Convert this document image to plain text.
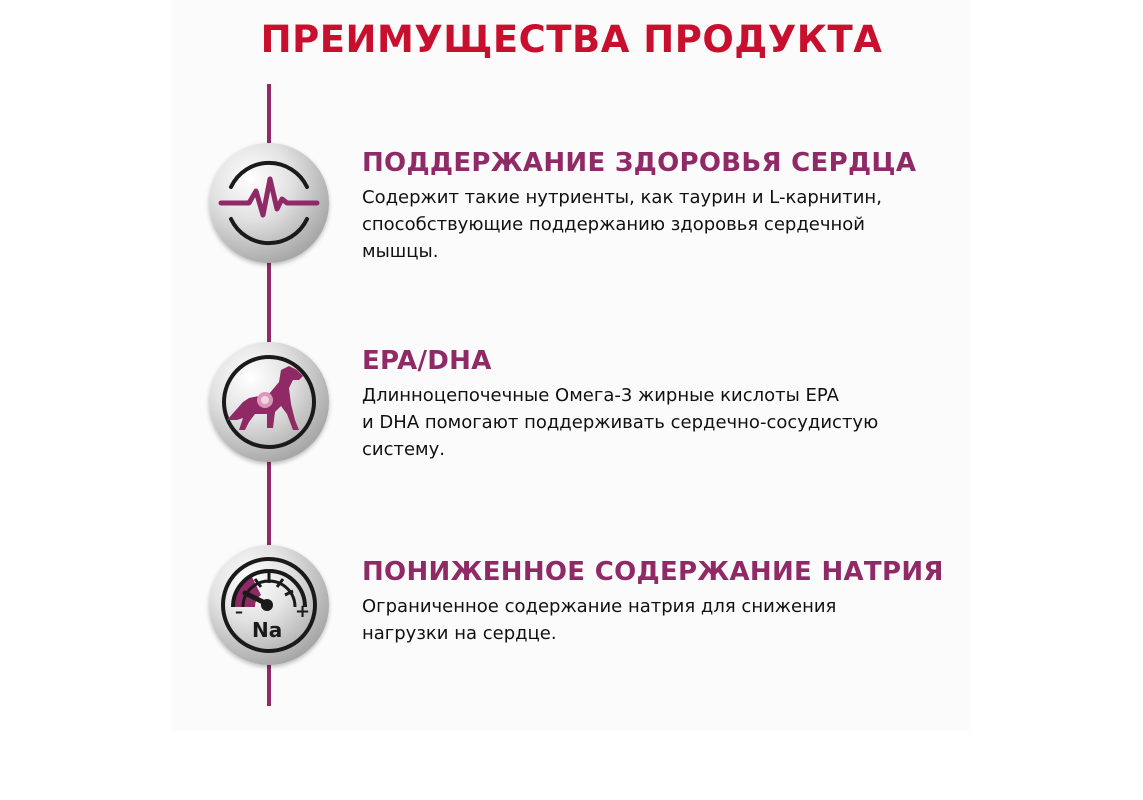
ПРЕИМУЩЕСТВА ПРОДУКТА
–	+
Na
ПОДДЕРЖАНИЕ ЗДОРОВЬЯ СЕРДЦА

Содержит такие нутриенты, как таурин и L-карнитин,
способствующие поддержанию здоровья сердечной
мышцы.

EPA/DHA

Длинноцепочечные Омега-3 жирные кислоты EPA
и DHA помогают поддерживать сердечно-сосудистую
систему.

ПОНИЖЕННОЕ СОДЕРЖАНИЕ НАТРИЯ

Ограниченное содержание натрия для снижения
нагрузки на сердце.
